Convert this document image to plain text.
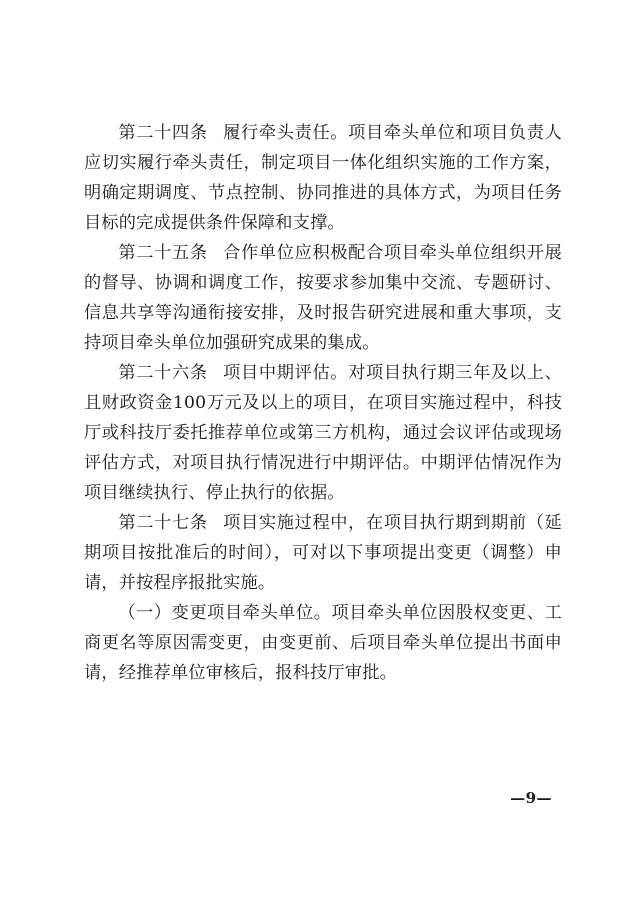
第二十四条 履行牵头责任。项目牵头单位和项目负责人应切实履行牵头责任，制定项目一体化组织实施的工作方案，明确定期调度、节点控制、协同推进的具体方式，为项目任务目标的完成提供条件保障和支撑。

第二十五条 合作单位应积极配合项目牵头单位组织开展的督导、协调和调度工作，按要求参加集中交流、专题研讨、信息共享等沟通衔接安排，及时报告研究进展和重大事项，支持项目牵头单位加强研究成果的集成。

第二十六条 项目中期评估。对项目执行期三年及以上、且财政资金100万元及以上的项目，在项目实施过程中，科技厅或科技厅委托推荐单位或第三方机构，通过会议评估或现场评估方式，对项目执行情况进行中期评估。中期评估情况作为项目继续执行、停止执行的依据。

第二十七条 项目实施过程中，在项目执行期到期前（延期项目按批准后的时间），可对以下事项提出变更（调整）申请，并按程序报批实施。

（一）变更项目牵头单位。项目牵头单位因股权变更、工商更名等原因需变更，由变更前、后项目牵头单位提出书面申请，经推荐单位审核后，报科技厅审批。

—9—
